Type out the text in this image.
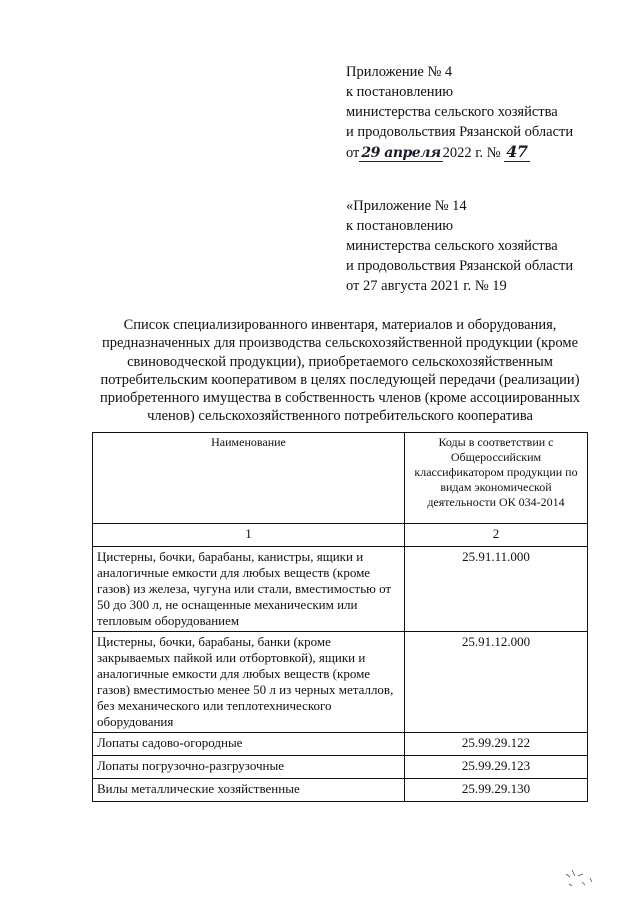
Приложение № 4
к постановлению
министерства сельского хозяйства
и продовольствия Рязанской области
от 29 апреля 2022 г. № 47
«Приложение № 14
к постановлению
министерства сельского хозяйства
и продовольствия Рязанской области
от 27 августа 2021 г. № 19
Список специализированного инвентаря, материалов и оборудования,
предназначенных для производства сельскохозяйственной продукции (кроме
свиноводческой продукции), приобретаемого сельскохозяйственным
потребительским кооперативом в целях последующей передачи (реализации)
приобретенного имущества в собственность членов (кроме ассоциированных
членов) сельскохозяйственного потребительского кооператива
Наименование	Коды в соответствии с Общероссийским классификатором продукции по видам экономической деятельности ОК 034-2014
1	2
Цистерны, бочки, барабаны, канистры, ящики и аналогичные емкости для любых веществ (кроме газов) из железа, чугуна или стали, вместимостью от 50 до 300 л, не оснащенные механическим или тепловым оборудованием	25.91.11.000
Цистерны, бочки, барабаны, банки (кроме закрываемых пайкой или отбортовкой), ящики и аналогичные емкости для любых веществ (кроме газов) вместимостью менее 50 л из черных металлов, без механического или теплотехнического оборудования	25.91.12.000
Лопаты садово-огородные	25.99.29.122
Лопаты погрузочно-разгрузочные	25.99.29.123
Вилы металлические хозяйственные	25.99.29.130
